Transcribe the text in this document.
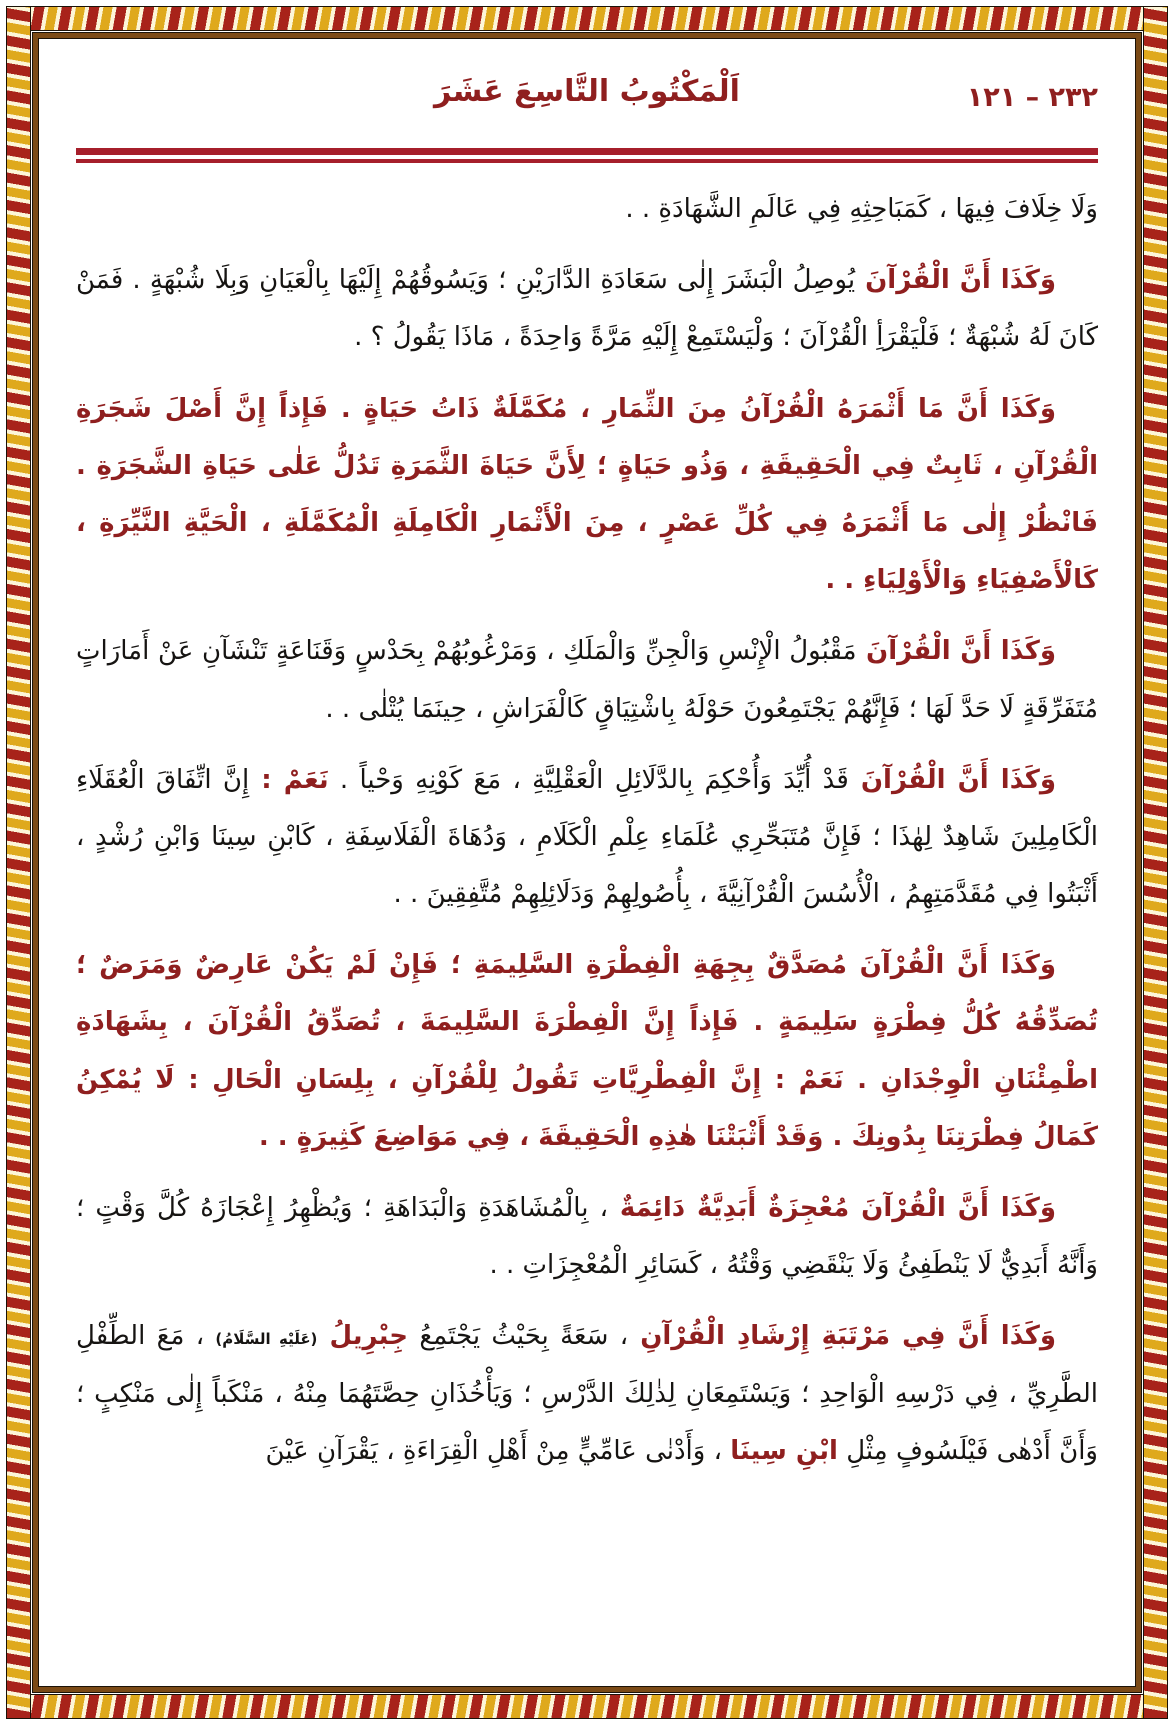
٢٣٢ – ١٢١
اَلْمَكْتُوبُ التَّاسِعَ عَشَرَ

وَلَا خِلَافَ فِيهَا ، كَمَبَاحِثِهِ فِي عَالَمِ الشَّهَادَةِ . .

وَكَذَا أَنَّ الْقُرْآنَ يُوصِلُ الْبَشَرَ إِلٰى سَعَادَةِ الدَّارَيْنِ ؛ وَيَسُوقُهُمْ إِلَيْهَا بِالْعَيَانِ وَبِلَا شُبْهَةٍ . فَمَنْ كَانَ لَهُ شُبْهَةٌ ؛ فَلْيَقْرَأِ الْقُرْآنَ ؛ وَلْيَسْتَمِعْ إِلَيْهِ مَرَّةً وَاحِدَةً ، مَاذَا يَقُولُ ؟ .

وَكَذَا أَنَّ مَا أَثْمَرَهُ الْقُرْآنُ مِنَ الثِّمَارِ ، مُكَمَّلَةٌ ذَاتُ حَيَاةٍ . فَإِذاً إِنَّ أَصْلَ شَجَرَةِ الْقُرْآنِ ، ثَابِتٌ فِي الْحَقِيقَةِ ، وَذُو حَيَاةٍ ؛ لِأَنَّ حَيَاةَ الثَّمَرَةِ تَدُلُّ عَلٰى حَيَاةِ الشَّجَرَةِ . فَانْظُرْ إِلٰى مَا أَثْمَرَهُ فِي كُلِّ عَصْرٍ ، مِنَ الْأَثْمَارِ الْكَامِلَةِ الْمُكَمَّلَةِ ، الْحَيَّةِ النَّيِّرَةِ ، كَالْأَصْفِيَاءِ وَالْأَوْلِيَاءِ . .

وَكَذَا أَنَّ الْقُرْآنَ مَقْبُولُ الْإِنْسِ وَالْجِنِّ وَالْمَلَكِ ، وَمَرْغُوبُهُمْ بِحَدْسٍ وَقَنَاعَةٍ تَنْشَآنِ عَنْ أَمَارَاتٍ مُتَفَرِّقَةٍ لَا حَدَّ لَهَا ؛ فَإِنَّهُمْ يَجْتَمِعُونَ حَوْلَهُ بِاشْتِيَاقٍ كَالْفَرَاشِ ، حِينَمَا يُتْلٰى . .

وَكَذَا أَنَّ الْقُرْآنَ قَدْ أُيِّدَ وَأُحْكِمَ بِالدَّلَائِلِ الْعَقْلِيَّةِ ، مَعَ كَوْنِهِ وَحْياً . نَعَمْ : إِنَّ اتِّفَاقَ الْعُقَلَاءِ الْكَامِلِينَ شَاهِدٌ لِهٰذَا ؛ فَإِنَّ مُتَبَحِّرِي عُلَمَاءِ عِلْمِ الْكَلَامِ ، وَدُهَاةَ الْفَلَاسِفَةِ ، كَابْنِ سِينَا وَابْنِ رُشْدٍ ، أَثْبَتُوا فِي مُقَدَّمَتِهِمُ ، الْأُسُسَ الْقُرْآنِيَّةَ ، بِأُصُولِهِمْ وَدَلَائِلِهِمْ مُتَّفِقِينَ . .

وَكَذَا أَنَّ الْقُرْآنَ مُصَدَّقٌ بِجِهَةِ الْفِطْرَةِ السَّلِيمَةِ ؛ فَإِنْ لَمْ يَكُنْ عَارِضٌ وَمَرَضٌ ؛ تُصَدِّقُهُ كُلُّ فِطْرَةٍ سَلِيمَةٍ . فَإِذاً إِنَّ الْفِطْرَةَ السَّلِيمَةَ ، تُصَدِّقُ الْقُرْآنَ ، بِشَهَادَةِ اطْمِئْنَانِ الْوِجْدَانِ . نَعَمْ : إِنَّ الْفِطْرِيَّاتِ تَقُولُ لِلْقُرْآنِ ، بِلِسَانِ الْحَالِ : لَا يُمْكِنُ كَمَالُ فِطْرَتِنَا بِدُونِكَ . وَقَدْ أَثْبَتْنَا هٰذِهِ الْحَقِيقَةَ ، فِي مَوَاضِعَ كَثِيرَةٍ . .

وَكَذَا أَنَّ الْقُرْآنَ مُعْجِزَةٌ أَبَدِيَّةٌ دَائِمَةٌ ، بِالْمُشَاهَدَةِ وَالْبَدَاهَةِ ؛ وَيُظْهِرُ إِعْجَازَهُ كُلَّ وَقْتٍ ؛ وَأَنَّهُ أَبَدِيٌّ لَا يَنْطَفِئُ وَلَا يَنْقَضِي وَقْتُهُ ، كَسَائِرِ الْمُعْجِزَاتِ . .

وَكَذَا أَنَّ فِي مَرْتَبَةِ إِرْشَادِ الْقُرْآنِ ، سَعَةً بِحَيْثُ يَجْتَمِعُ جِبْرِيلُ (عَلَيْهِ السَّلَامُ) ، مَعَ الطِّفْلِ الطَّرِيِّ ، فِي دَرْسِهِ الْوَاحِدِ ؛ وَيَسْتَمِعَانِ لِذٰلِكَ الدَّرْسِ ؛ وَيَأْخُذَانِ حِصَّتَهُمَا مِنْهُ ، مَنْكَباً إِلٰى مَنْكِبٍ ؛ وَأَنَّ أَدْهٰى فَيْلَسُوفٍ مِثْلِ ابْنِ سِينَا ، وَأَدْنٰى عَامِّيٍّ مِنْ أَهْلِ الْقِرَاءَةِ ، يَقْرَآنِ عَيْنَ
